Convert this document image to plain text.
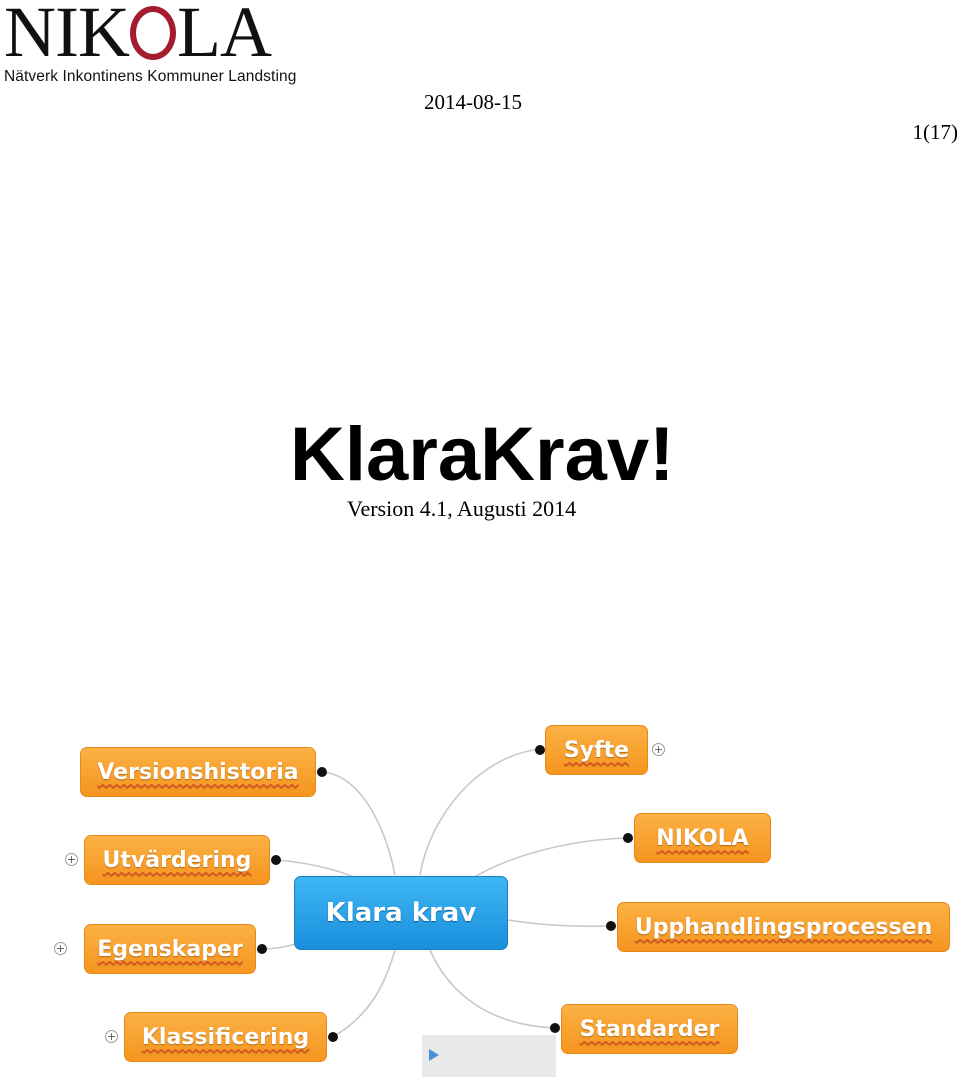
NIK LA
Nätverk Inkontinens Kommuner Landsting
2014-08-15
1(17)
KlaraKrav!
Version 4.1, Augusti 2014
Versionshistoria
Utvärdering
+
Egenskaper
+
Klassificering
+
Klara krav
Syfte +
NIKOLA
Upphandlingsprocessen
Standarder
